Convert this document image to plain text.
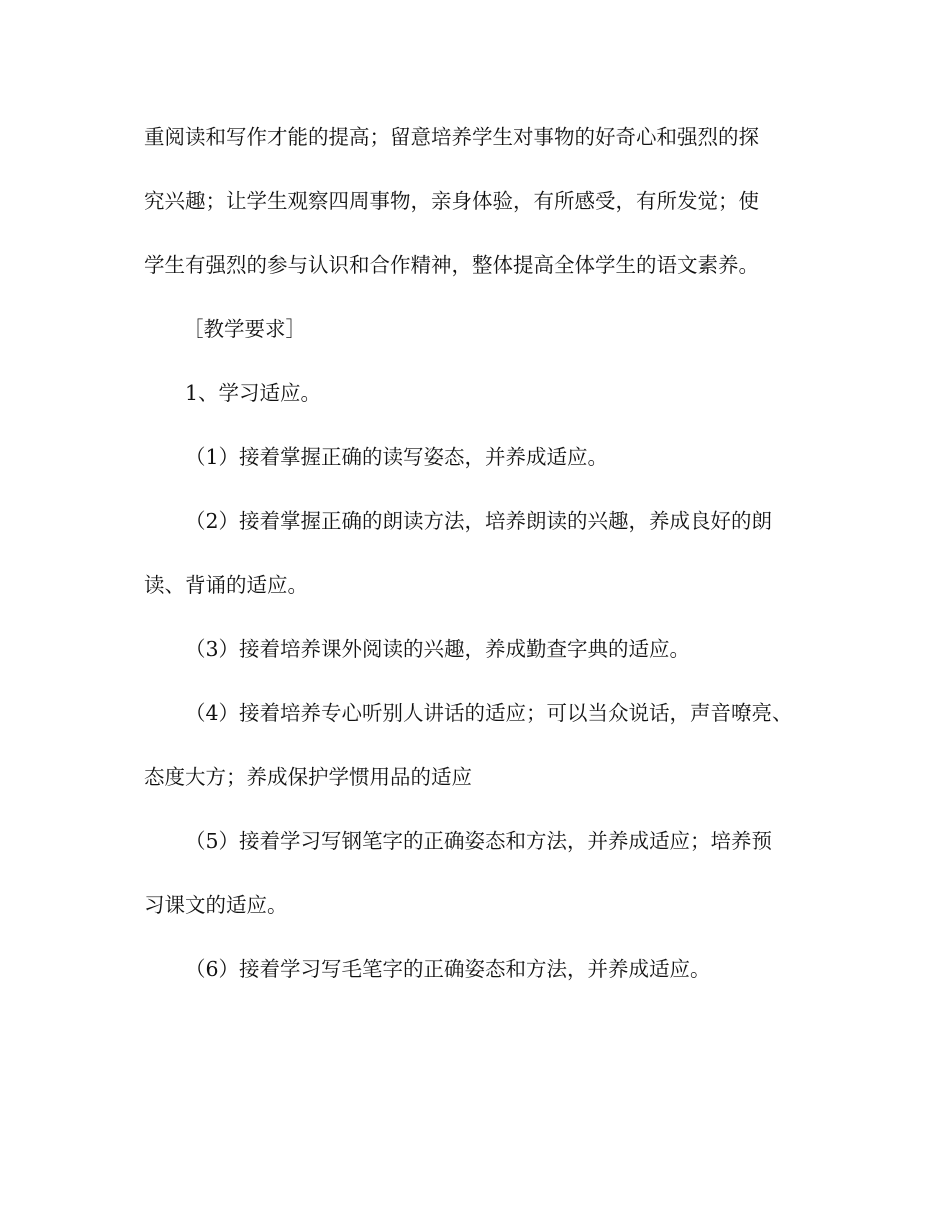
重阅读和写作才能的提高；留意培养学生对事物的好奇心和强烈的探
究兴趣；让学生观察四周事物，亲身体验，有所感受，有所发觉；使
学生有强烈的参与认识和合作精神，整体提高全体学生的语文素养。
［教学要求］
1、学习适应。
（1）接着掌握正确的读写姿态，并养成适应。
（2）接着掌握正确的朗读方法，培养朗读的兴趣，养成良好的朗
读、背诵的适应。
（3）接着培养课外阅读的兴趣，养成勤查字典的适应。
（4）接着培养专心听别人讲话的适应；可以当众说话，声音嘹亮、
态度大方；养成保护学惯用品的适应
（5）接着学习写钢笔字的正确姿态和方法，并养成适应；培养预
习课文的适应。
（6）接着学习写毛笔字的正确姿态和方法，并养成适应。
